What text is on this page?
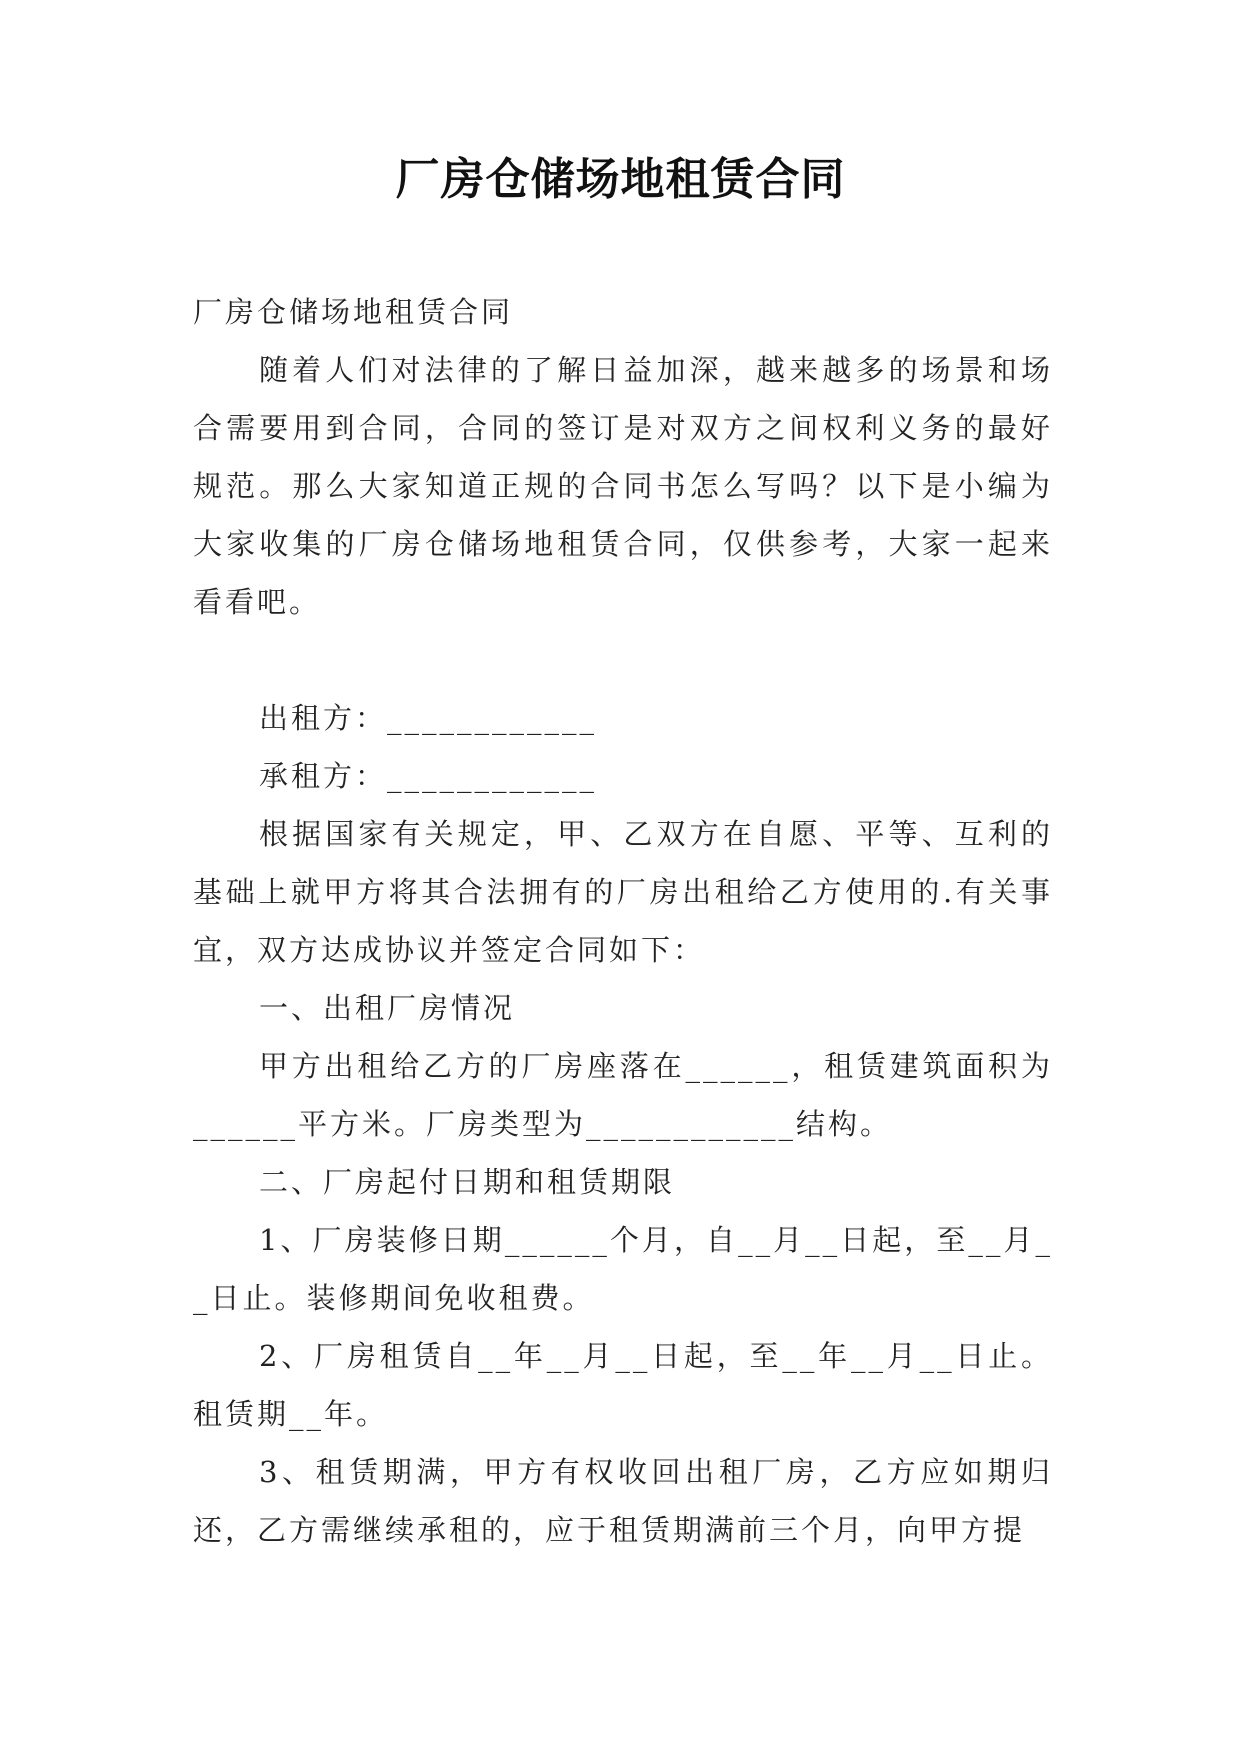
厂房仓储场地租赁合同

厂房仓储场地租赁合同

随着人们对法律的了解日益加深，越来越多的场景和场合需要用到合同，合同的签订是对双方之间权利义务的最好规范。那么大家知道正规的合同书怎么写吗？以下是小编为大家收集的厂房仓储场地租赁合同，仅供参考，大家一起来看看吧。

出租方：____________

承租方：____________

根据国家有关规定，甲、乙双方在自愿、平等、互利的基础上就甲方将其合法拥有的厂房出租给乙方使用的.有关事宜，双方达成协议并签定合同如下：

一、出租厂房情况

甲方出租给乙方的厂房座落在______，租赁建筑面积为______平方米。厂房类型为____________结构。

二、厂房起付日期和租赁期限

1、厂房装修日期______个月，自__月__日起，至__月__日止。装修期间免收租费。

2、厂房租赁自__年__月__日起，至__年__月__日止。租赁期__年。

3、租赁期满，甲方有权收回出租厂房，乙方应如期归还，乙方需继续承租的，应于租赁期满前三个月，向甲方提
